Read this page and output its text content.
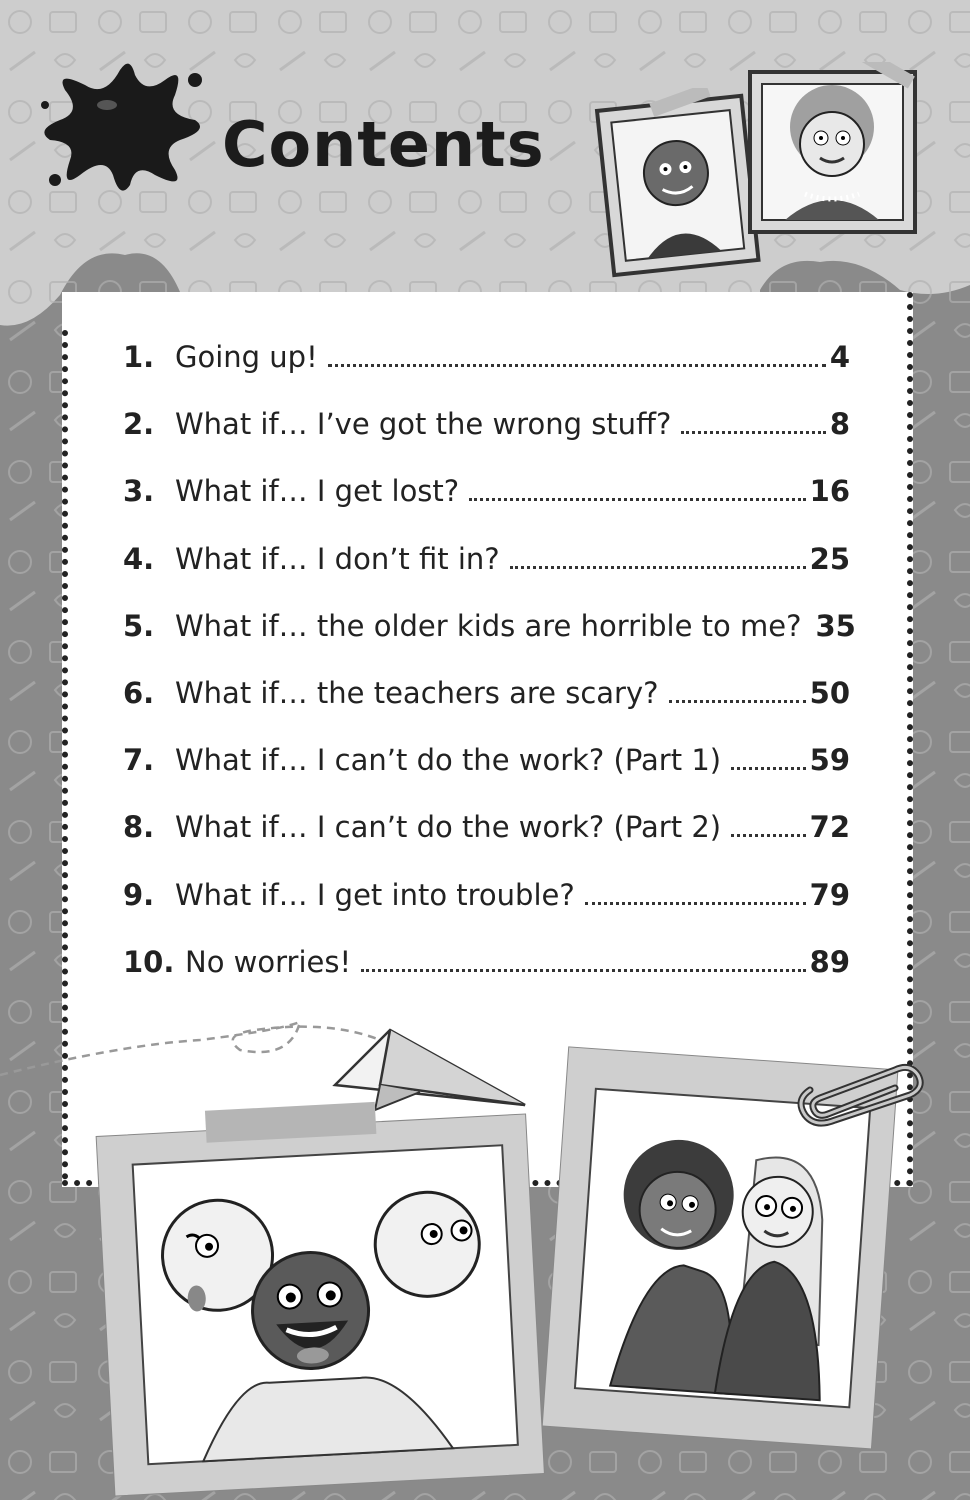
Contents
1. Going up!	4
2. What if… I’ve got the wrong stuff?	8
3. What if… I get lost?	16
4. What if… I don’t fit in?	25
5. What if… the older kids are horrible to me? 35
6. What if… the teachers are scary?	50
7. What if… I can’t do the work? (Part 1)	59
8. What if… I can’t do the work? (Part 2)	72
9. What if… I get into trouble?	79
10. No worries!	89
